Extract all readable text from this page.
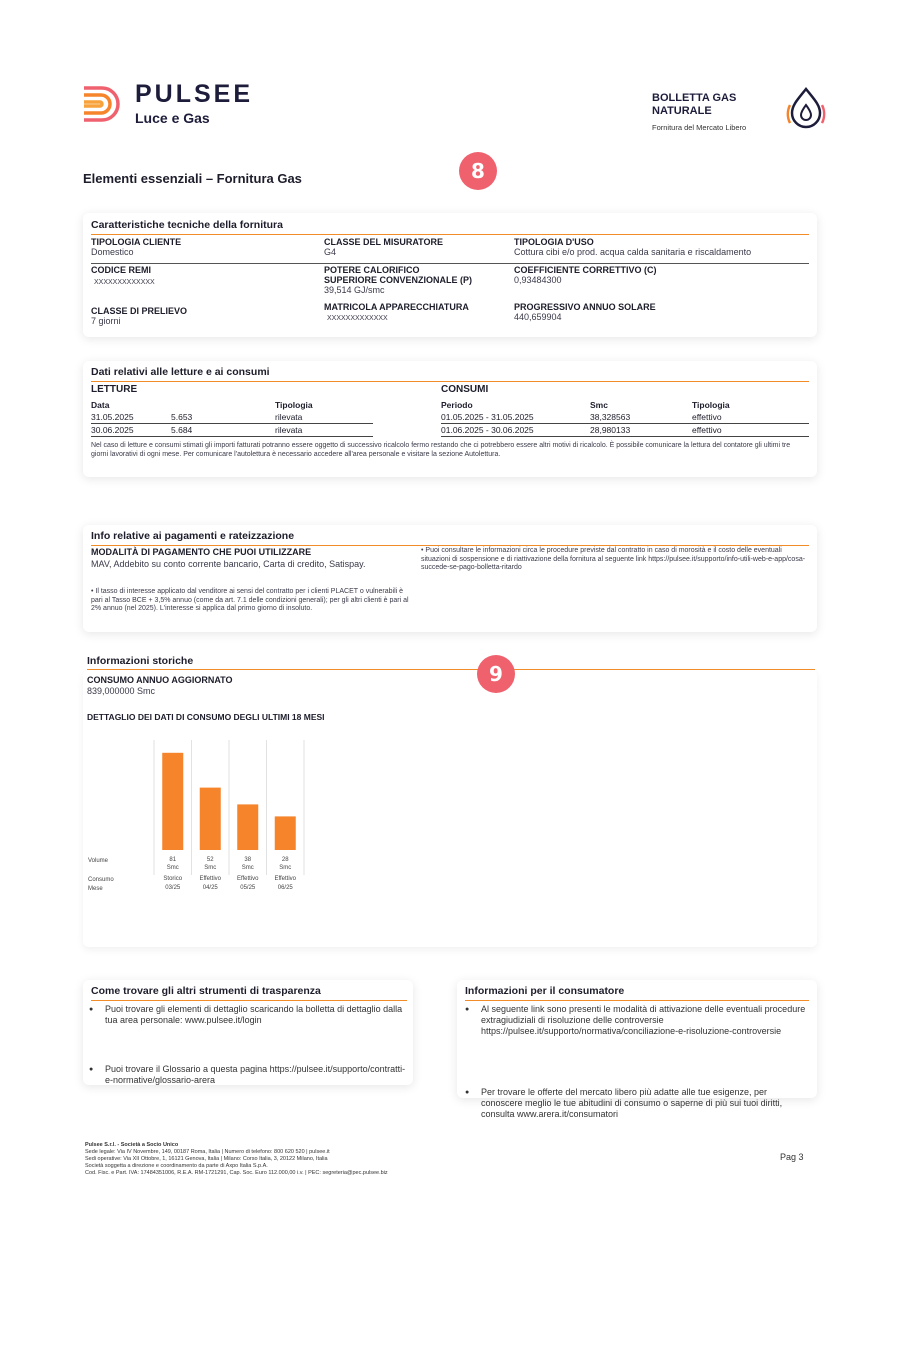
PULSEE
Luce e Gas
BOLLETTA GAS
NATURALE
Fornitura del Mercato Libero
Elementi essenziali – Fornitura Gas	8
Caratteristiche tecniche della fornitura
TIPOLOGIA CLIENTE
Domestico
CLASSE DEL MISURATORE
G4
TIPOLOGIA D'USO
Cottura cibi e/o prod. acqua calda sanitaria e riscaldamento
CODICE REMI
XXXXXXXXXXXXX
POTERE CALORIFICO
SUPERIORE CONVENZIONALE (P)
39,514 GJ/smc
COEFFICIENTE CORRETTIVO (C)
0,93484300
CLASSE DI PRELIEVO
7 giorni
MATRICOLA APPARECCHIATURA
XXXXXXXXXXXXX
PROGRESSIVO ANNUO SOLARE
440,659904
Dati relativi alle letture e ai consumi
LETTURE	CONSUMI
Data		Tipologia
31.05.2025	5.653	rilevata
30.06.2025	5.684	rilevata
Periodo	Smc	Tipologia
01.05.2025 - 31.05.2025	38,328563	effettivo
01.06.2025 - 30.06.2025	28,980133	effettivo
Nel caso di letture e consumi stimati gli importi fatturati potranno essere oggetto di successivo ricalcolo fermo restando che ci potrebbero essere altri motivi di ricalcolo. È possibile comunicare la lettura del contatore gli ultimi tre giorni lavorativi di ogni mese. Per comunicare l'autolettura è necessario accedere all'area personale e visitare la sezione Autolettura.
Info relative ai pagamenti e rateizzazione
MODALITÀ DI PAGAMENTO CHE PUOI UTILIZZARE
MAV, Addebito su conto corrente bancario, Carta di credito, Satispay.
• Il tasso di interesse applicato dal venditore ai sensi del contratto per i clienti PLACET o vulnerabili è pari al Tasso BCE + 3,5% annuo (come da art. 7.1 delle condizioni generali); per gli altri clienti è pari al 2% annuo (nel 2025). L'interesse si applica dal primo giorno di insoluto.
• Puoi consultare le informazioni circa le procedure previste dal contratto in caso di morosità e il costo delle eventuali situazioni di sospensione e di riattivazione della fornitura al seguente link https://pulsee.it/supporto/info-utili-web-e-app/cosa-succede-se-pago-bolletta-ritardo
Informazioni storiche
9
CONSUMO ANNUO AGGIORNATO
839,000000 Smc
DETTAGLIO DEI DATI DI CONSUMO DEGLI ULTIMI 18 MESI
Volume
Consumo
Mese
81
Smc
Storico
03/25
52
Smc
Effettivo
04/25
38
Smc
Effettivo
05/25
28
Smc
Effettivo
06/25
Come trovare gli altri strumenti di trasparenza
● Puoi trovare gli elementi di dettaglio scaricando la bolletta di dettaglio dalla tua area personale: www.pulsee.it/login
● Puoi trovare il Glossario a questa pagina https://pulsee.it/supporto/contratti-e-normative/glossario-arera
Informazioni per il consumatore
● Al seguente link sono presenti le modalità di attivazione delle eventuali procedure extragiudiziali di risoluzione delle controversie https://pulsee.it/supporto/normativa/conciliazione-e-risoluzione-controversie
● Per trovare le offerte del mercato libero più adatte alle tue esigenze, per conoscere meglio le tue abitudini di consumo o saperne di più sui tuoi diritti, consulta www.arera.it/consumatori
Pulsee S.r.l. - Società a Socio Unico
Sede legale: Via IV Novembre, 149, 00187 Roma, Italia | Numero di telefono: 800 620 520 | pulsee.it
Sedi operative: Via XII Ottobre, 1, 16121 Genova, Italia | Milano: Corso Italia, 3, 20122 Milano, Italia
Società soggetta a direzione e coordinamento da parte di Axpo Italia S.p.A.
Cod. Fisc. e Part. IVA: 17484351006, R.E.A. RM-1721291, Cap. Soc. Euro 112.000,00 i.v. | PEC: segreteria@pec.pulsee.biz
Pag 3
